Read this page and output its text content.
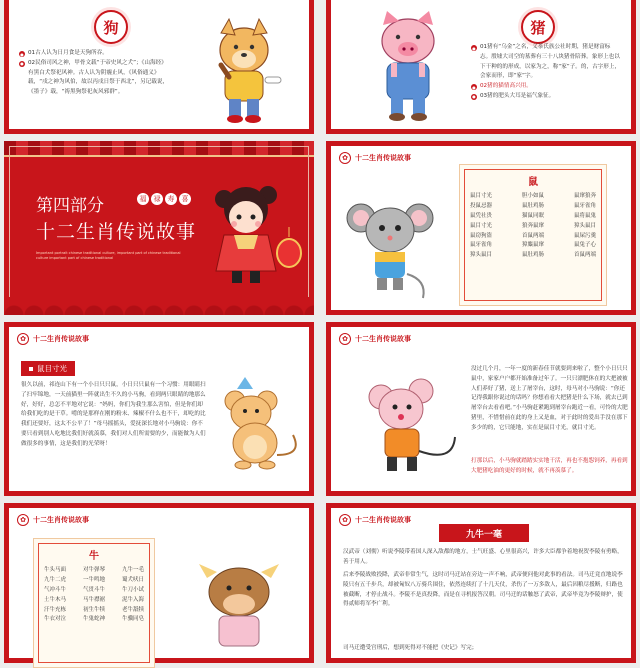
狗
● 01古人认为日月食是天狗所吞。
● 02民俗司风之神，甲骨文载“于帝史风之犬”；《山海经》有黑白犬祭祀风神。古人认为阴霾止风，《风俗通义》载，“戌之神为风伯，故以丙戌日祭于西北”，另记载说，《墨子》载，“祷黑狗祭祀灰风邪群”。
猪
● 01猪有“乌金”之名，义茶氏族公社时期，猪是财富标志。殷墟大司空的墓葬有三十八块猪骨陪葬。象形上也以下干种的的形成，以家为之，称“家”子。的，古字形上，会家而形，即“家”字。
● 02猪的猫情高兴用。
● 03猪的肥头大耳是福气象征。
第四部分	福	禄	寿	喜
十二生肖传说故事
Important portrait chinese traditional culture, important part of chinese traditional culture important part of chinese traditional
✿	十二生肖传说故事
鼠
鼠目寸光	胆小如鼠	鼠窜狼奔
投鼠忌器	鼠肚鸡肠	鼠牙雀角
鼠凭社贵	猫鼠同眠	鼠将鼠鬼
鼠目寸光	狼奔鼠窜	獐头鼠目
鼠窃狗盗	首鼠两端	鼠屎污羹
鼠牙雀角	獐麋鼠窜	鼠兔子心
獐头鼠目	鼠肚鸡肠	首鼠两端
✿	十二生肖传说故事
鼠目寸光
很久以前，祁连山下有一个小日只只鼠，小日只只鼠有一个习惯：用眼睛扫了扫牢锦地，一天前猫里一阵就出生不久的小马驹，看到两只眼睛的地那么好，好好，总怎不平地对它说：“妈妈，你们为我生那么害怕，但是你们却给我们吃的是干草。啃的是那样在刚的粉末、辣椒不什么也不干，却吃的比我们还要好，这太不公平了！”母马摇摇头，爱抚深长地对小马驹说：你不要只看到别人吃地比我们好就羡慕，我们对人们所需要的少，而能做为人们做很多的事情，这是我们的光荣呀！
✿	十二生肖传说故事
没过几个月，一年一度的新春佳节就要到来啦了，整个小日只只鼠中，家家户户都开始准备过年了。一只只漂肥休在的大把被被人们养好了猪，送上了屠宰台，这时，母马对小马驹说：“你还记得我跟你说过的话吗？你想看看大把猪是什么下场，就去已到屠宰台去看看吧。”小马驹赶紧跑到屠宰台跑近一看，可怜的大肥猪里，不惜惜前在此的身上又是血，对于此时的爱出手没在那下多少的的，它只能地，实在是鼠目寸光，就目寸光。
打那以后，小马驹就踏踏实实地干活，再也不抱怨饲养，再看到大肥猪吃油的更好的时候，就不再羡慕了。
✿	十二生肖传说故事
牛
牛头马面	对牛弹琴	九牛一毛
九牛二虎	一牛鸣地	蜀犬吠日
气冲斗牛	气贯斗牛	牛刀小试
土牛木马	马牛襟裾	泥牛入海
汗牛充栋	初生牛犊	老牛舐犊
牛衣对泣	牛鬼蛇神	牛骥同皂
✿	十二生肖传说故事
九牛一毫
汉武帝（刘彻）听说李陵带着国人深入敌都的地方，士气旺盛、心里很高兴，许多大臣都争着地祝贺李陵有勇略，善于用人。
后来李陵战败投降，武帝非常生气，这时司马迁站在旁边一声不响，武帝便问他对此事的看法。司马迁竟直地说李陵只有五千步兵，却被匈奴八万骑兵围住，依然连续打了十几天仗，杀伤了一万多敌人，最后因粮尽援断，归路也被截断，才停止战斗。李陵不是真投降，而是在寻机报答汉朝。司马迁的话触怒了武帝，武帝毕竟为李陵辩护，使得贰师将军李广利。
司马迁遭受宫刑后，想到死得对不能把《史记》写完；
